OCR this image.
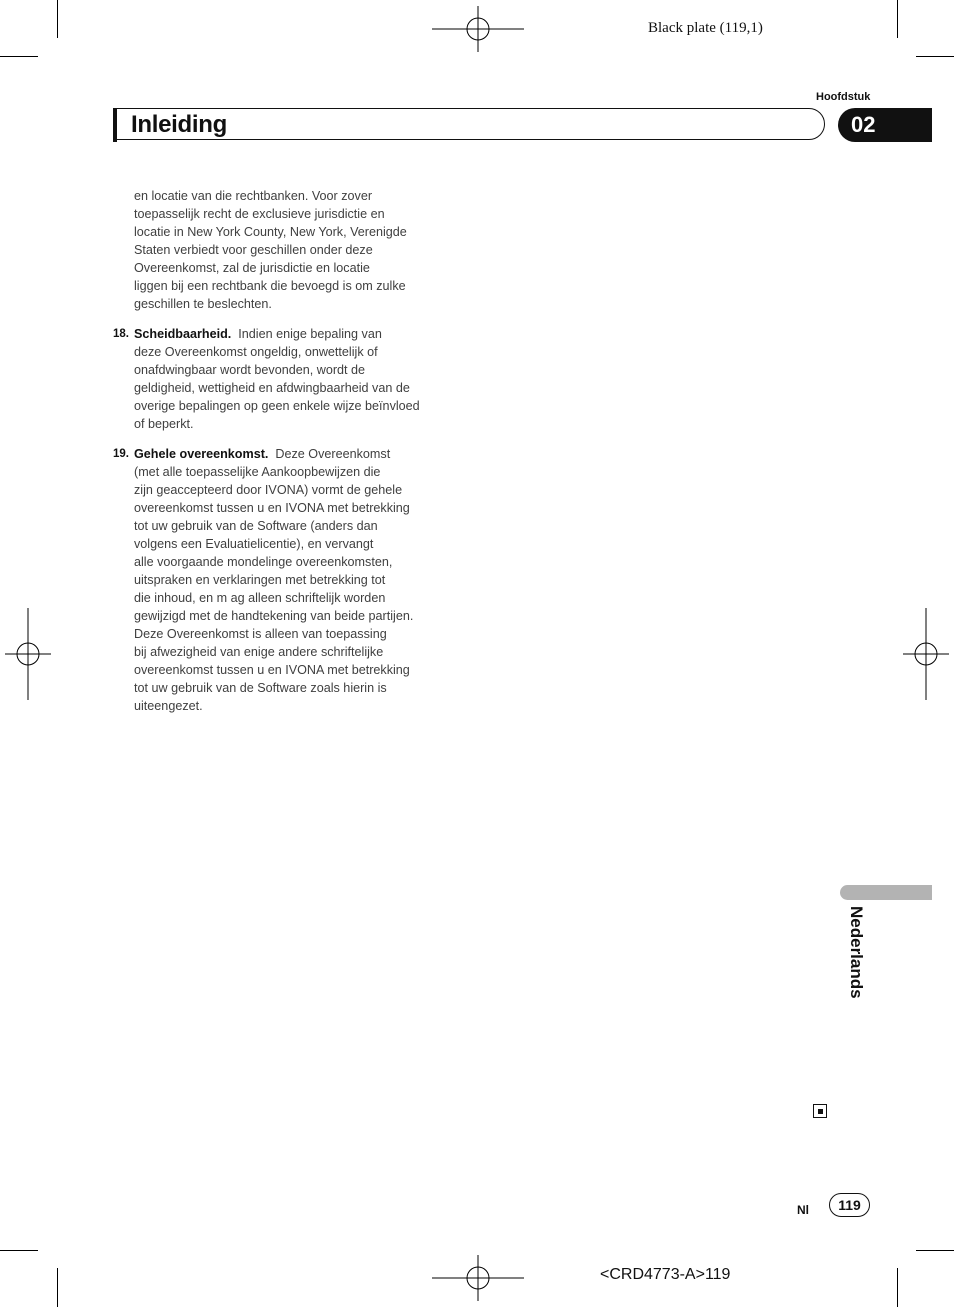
Black plate (119,1)
Hoofdstuk
Inleiding	02
en locatie van die rechtbanken. Voor zover
toepasselijk recht de exclusieve jurisdictie en
locatie in New York County, New York, Verenigde
Staten verbiedt voor geschillen onder deze
Overeenkomst, zal de jurisdictie en locatie
liggen bij een rechtbank die bevoegd is om zulke
geschillen te beslechten.
18. Scheidbaarheid. Indien enige bepaling van
deze Overeenkomst ongeldig, onwettelijk of
onafdwingbaar wordt bevonden, wordt de
geldigheid, wettigheid en afdwingbaarheid van de
overige bepalingen op geen enkele wijze beïnvloed
of beperkt.
19. Gehele overeenkomst. Deze Overeenkomst
(met alle toepasselijke Aankoopbewijzen die
zijn geaccepteerd door IVONA) vormt de gehele
overeenkomst tussen u en IVONA met betrekking
tot uw gebruik van de Software (anders dan
volgens een Evaluatielicentie), en vervangt
alle voorgaande mondelinge overeenkomsten,
uitspraken en verklaringen met betrekking tot
die inhoud, en m ag alleen schriftelijk worden
gewijzigd met de handtekening van beide partijen.
Deze Overeenkomst is alleen van toepassing
bij afwezigheid van enige andere schriftelijke
overeenkomst tussen u en IVONA met betrekking
tot uw gebruik van de Software zoals hierin is
uiteengezet.
Nederlands
Nl	119
<CRD4773-A>119
